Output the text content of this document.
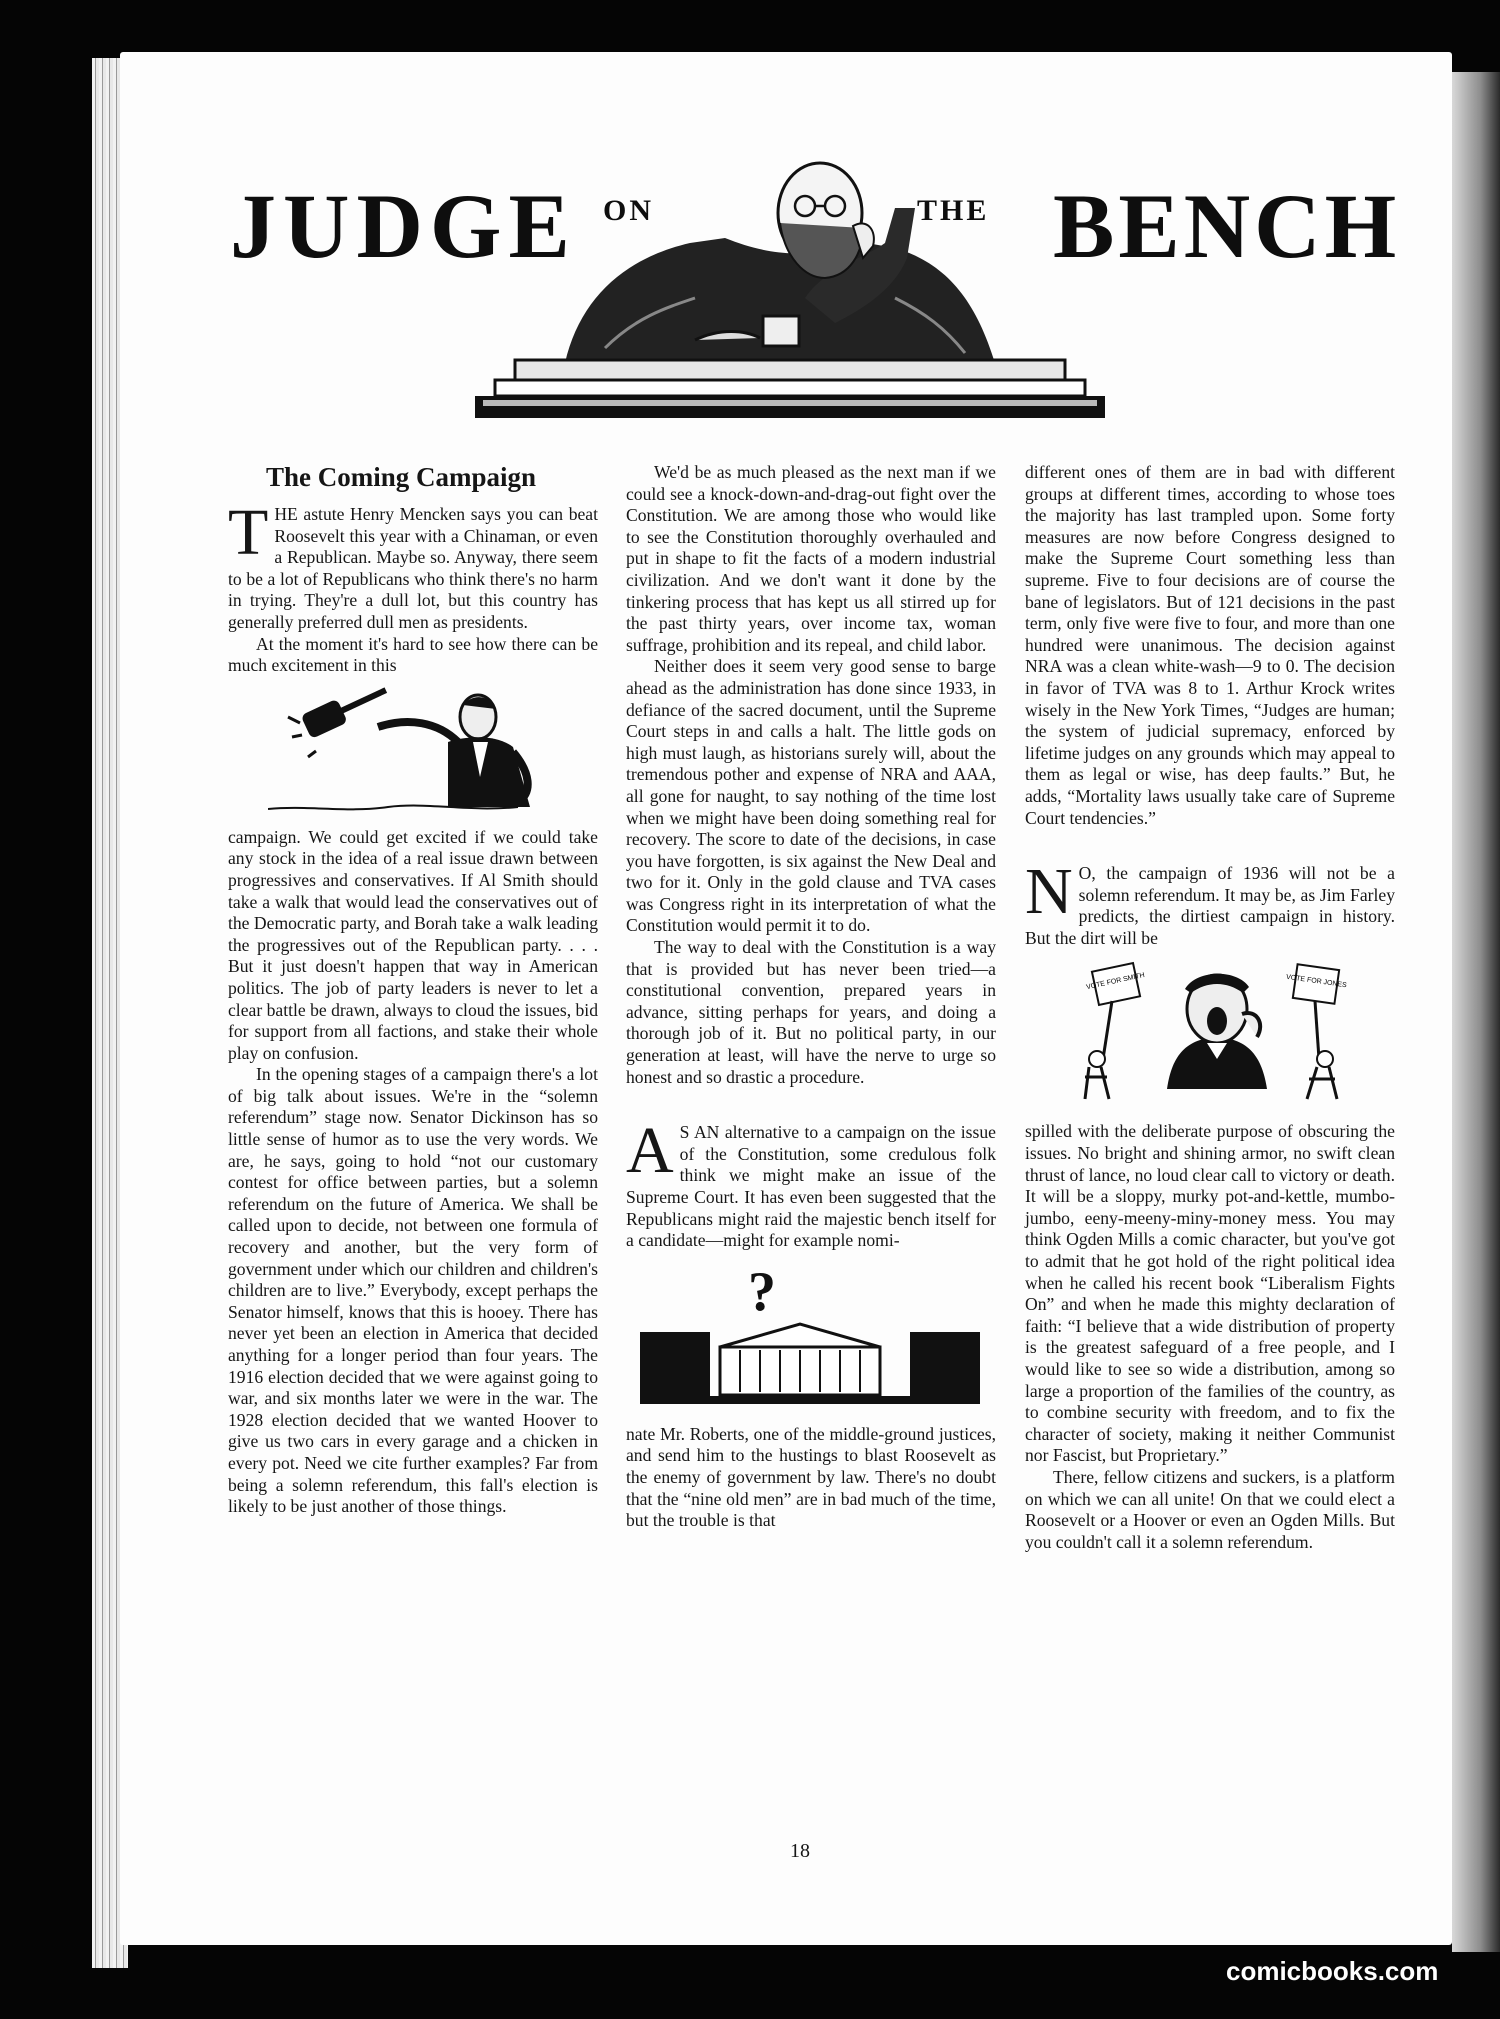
JUDGE ON	THE BENCH
The Coming Campaign

THE astute Henry Mencken says you can beat Roosevelt this year with a Chinaman, or even a Republican. Maybe so. Anyway, there seem to be a lot of Republicans who think there's no harm in trying. They're a dull lot, but this country has generally preferred dull men as presidents.

At the moment it's hard to see how there can be much excitement in this

campaign. We could get excited if we could take any stock in the idea of a real issue drawn between progressives and conservatives. If Al Smith should take a walk that would lead the conservatives out of the Democratic party, and Borah take a walk leading the progressives out of the Republican party. . . . But it just doesn't happen that way in American politics. The job of party leaders is never to let a clear battle be drawn, always to cloud the issues, bid for support from all factions, and stake their whole play on confusion.

In the opening stages of a campaign there's a lot of big talk about issues. We're in the “solemn referendum” stage now. Senator Dickinson has so little sense of humor as to use the very words. We are, he says, going to hold “not our customary contest for office between parties, but a solemn referendum on the future of America. We shall be called upon to decide, not between one formula of recovery and another, but the very form of government under which our children and children's children are to live.” Everybody, except perhaps the Senator himself, knows that this is hooey. There has never yet been an election in America that decided anything for a longer period than four years. The 1916 election decided that we were against going to war, and six months later we were in the war. The 1928 election decided that we wanted Hoover to give us two cars in every garage and a chicken in every pot. Need we cite further examples? Far from being a solemn referendum, this fall's election is likely to be just another of those things.

We'd be as much pleased as the next man if we could see a knock-down-and-drag-out fight over the Constitution. We are among those who would like to see the Constitution thoroughly overhauled and put in shape to fit the facts of a modern industrial civilization. And we don't want it done by the tinkering process that has kept us all stirred up for the past thirty years, over income tax, woman suffrage, prohibition and its repeal, and child labor.

Neither does it seem very good sense to barge ahead as the administration has done since 1933, in defiance of the sacred document, until the Supreme Court steps in and calls a halt. The little gods on high must laugh, as historians surely will, about the tremendous pother and expense of NRA and AAA, all gone for naught, to say nothing of the time lost when we might have been doing something real for recovery. The score to date of the decisions, in case you have forgotten, is six against the New Deal and two for it. Only in the gold clause and TVA cases was Congress right in its interpretation of what the Constitution would permit it to do.

The way to deal with the Constitution is a way that is provided but has never been tried—a constitutional convention, prepared years in advance, sitting perhaps for years, and doing a thorough job of it. But no political party, in our generation at least, will have the nerve to urge so honest and so drastic a procedure.

A S AN alternative to a campaign on the issue of the Constitution, some credulous folk think we might make an issue of the Supreme Court. It has even been suggested that the Republicans might raid the majestic bench itself for a candidate—might for example nomi-

?

nate Mr. Roberts, one of the middle-ground justices, and send him to the hustings to blast Roosevelt as the enemy of government by law. There's no doubt that the “nine old men” are in bad much of the time, but the trouble is that

different ones of them are in bad with different groups at different times, according to whose toes the majority has last trampled upon. Some forty measures are now before Congress designed to make the Supreme Court something less than supreme. Five to four decisions are of course the bane of legislators. But of 121 decisions in the past term, only five were five to four, and more than one hundred were unanimous. The decision against NRA was a clean white-wash—9 to 0. The decision in favor of TVA was 8 to 1. Arthur Krock writes wisely in the New York Times, “Judges are human; the system of judicial supremacy, enforced by lifetime judges on any grounds which may appeal to them as legal or wise, has deep faults.” But, he adds, “Mortality laws usually take care of Supreme Court tendencies.”

N O, the campaign of 1936 will not be a solemn referendum. It may be, as Jim Farley predicts, the dirtiest campaign in history. But the dirt will be

VOTE FOR SMITH	VOTE FOR JONES

spilled with the deliberate purpose of obscuring the issues. No bright and shining armor, no swift clean thrust of lance, no loud clear call to victory or death. It will be a sloppy, murky pot-and-kettle, mumbo-jumbo, eeny-meeny-miny-money mess. You may think Ogden Mills a comic character, but you've got to admit that he got hold of the right political idea when he called his recent book “Liberalism Fights On” and when he made this mighty declaration of faith: “I believe that a wide distribution of property is the greatest safeguard of a free people, and I would like to see so wide a distribution, among so large a proportion of the families of the country, as to combine security with freedom, and to fix the character of society, making it neither Communist nor Fascist, but Proprietary.”

There, fellow citizens and suckers, is a platform on which we can all unite! On that we could elect a Roosevelt or a Hoover or even an Ogden Mills. But you couldn't call it a solemn referendum.

18
comicbooks.com
